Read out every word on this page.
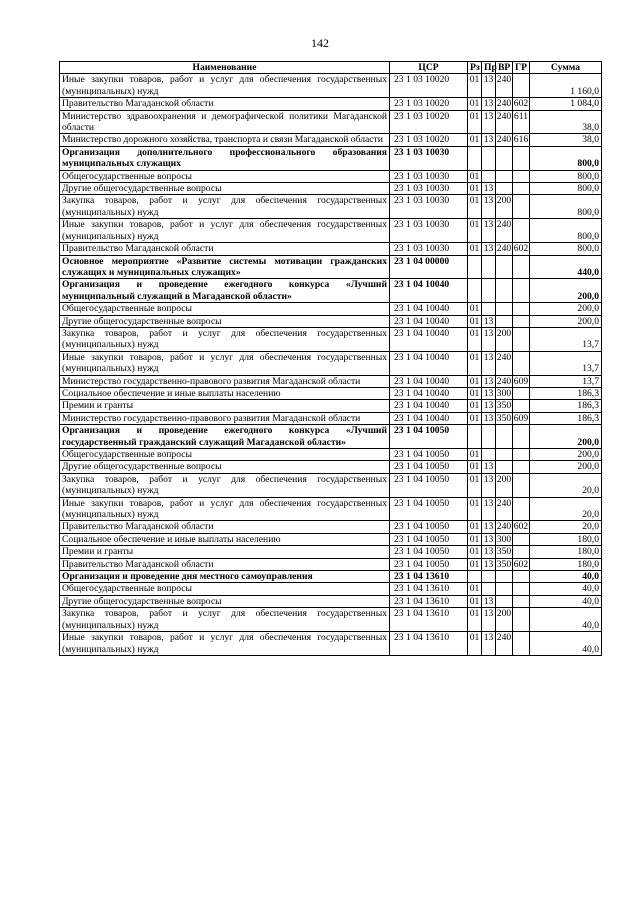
142
Наименование	ЦСР	Рз	Пр	ВР	ГР	Сумма
Иные закупки товаров, работ и услуг для обеспечения государственных (муниципальных) нужд	23 1 03 10020	01	13	240		1 160,0
Правительство Магаданской области	23 1 03 10020	01	13	240	602	1 084,0
Министерство здравоохранения и демографической политики Магаданской области	23 1 03 10020	01	13	240	611	38,0
Министерство дорожного хозяйства, транспорта и связи Магаданской области	23 1 03 10020	01	13	240	616	38,0
Организация дополнительного профессионального образования муниципальных служащих	23 1 03 10030					800,0
Общегосударственные вопросы	23 1 03 10030	01				800,0
Другие общегосударственные вопросы	23 1 03 10030	01	13			800,0
Закупка товаров, работ и услуг для обеспечения государственных (муниципальных) нужд	23 1 03 10030	01	13	200		800,0
Иные закупки товаров, работ и услуг для обеспечения государственных (муниципальных) нужд	23 1 03 10030	01	13	240		800,0
Правительство Магаданской области	23 1 03 10030	01	13	240	602	800,0
Основное мероприятие «Развитие системы мотивации гражданских служащих и муниципальных служащих»	23 1 04 00000					440,0
Организация и проведение ежегодного конкурса «Лучший муниципальный служащий в Магаданской области»	23 1 04 10040					200,0
Общегосударственные вопросы	23 1 04 10040	01				200,0
Другие общегосударственные вопросы	23 1 04 10040	01	13			200,0
Закупка товаров, работ и услуг для обеспечения государственных (муниципальных) нужд	23 1 04 10040	01	13	200		13,7
Иные закупки товаров, работ и услуг для обеспечения государственных (муниципальных) нужд	23 1 04 10040	01	13	240		13,7
Министерство государственно-правового развития Магаданской области	23 1 04 10040	01	13	240	609	13,7
Социальное обеспечение и иные выплаты населению	23 1 04 10040	01	13	300		186,3
Премии и гранты	23 1 04 10040	01	13	350		186,3
Министерство государственно-правового развития Магаданской области	23 1 04 10040	01	13	350	609	186,3
Организация и проведение ежегодного конкурса «Лучший государственный гражданский служащий Магаданской области»	23 1 04 10050					200,0
Общегосударственные вопросы	23 1 04 10050	01				200,0
Другие общегосударственные вопросы	23 1 04 10050	01	13			200,0
Закупка товаров, работ и услуг для обеспечения государственных (муниципальных) нужд	23 1 04 10050	01	13	200		20,0
Иные закупки товаров, работ и услуг для обеспечения государственных (муниципальных) нужд	23 1 04 10050	01	13	240		20,0
Правительство Магаданской области	23 1 04 10050	01	13	240	602	20,0
Социальное обеспечение и иные выплаты населению	23 1 04 10050	01	13	300		180,0
Премии и гранты	23 1 04 10050	01	13	350		180,0
Правительство Магаданской области	23 1 04 10050	01	13	350	602	180,0
Организация и проведение дня местного самоуправления	23 1 04 13610					40,0
Общегосударственные вопросы	23 1 04 13610	01				40,0
Другие общегосударственные вопросы	23 1 04 13610	01	13			40,0
Закупка товаров, работ и услуг для обеспечения государственных (муниципальных) нужд	23 1 04 13610	01	13	200		40,0
Иные закупки товаров, работ и услуг для обеспечения государственных (муниципальных) нужд	23 1 04 13610	01	13	240		40,0
